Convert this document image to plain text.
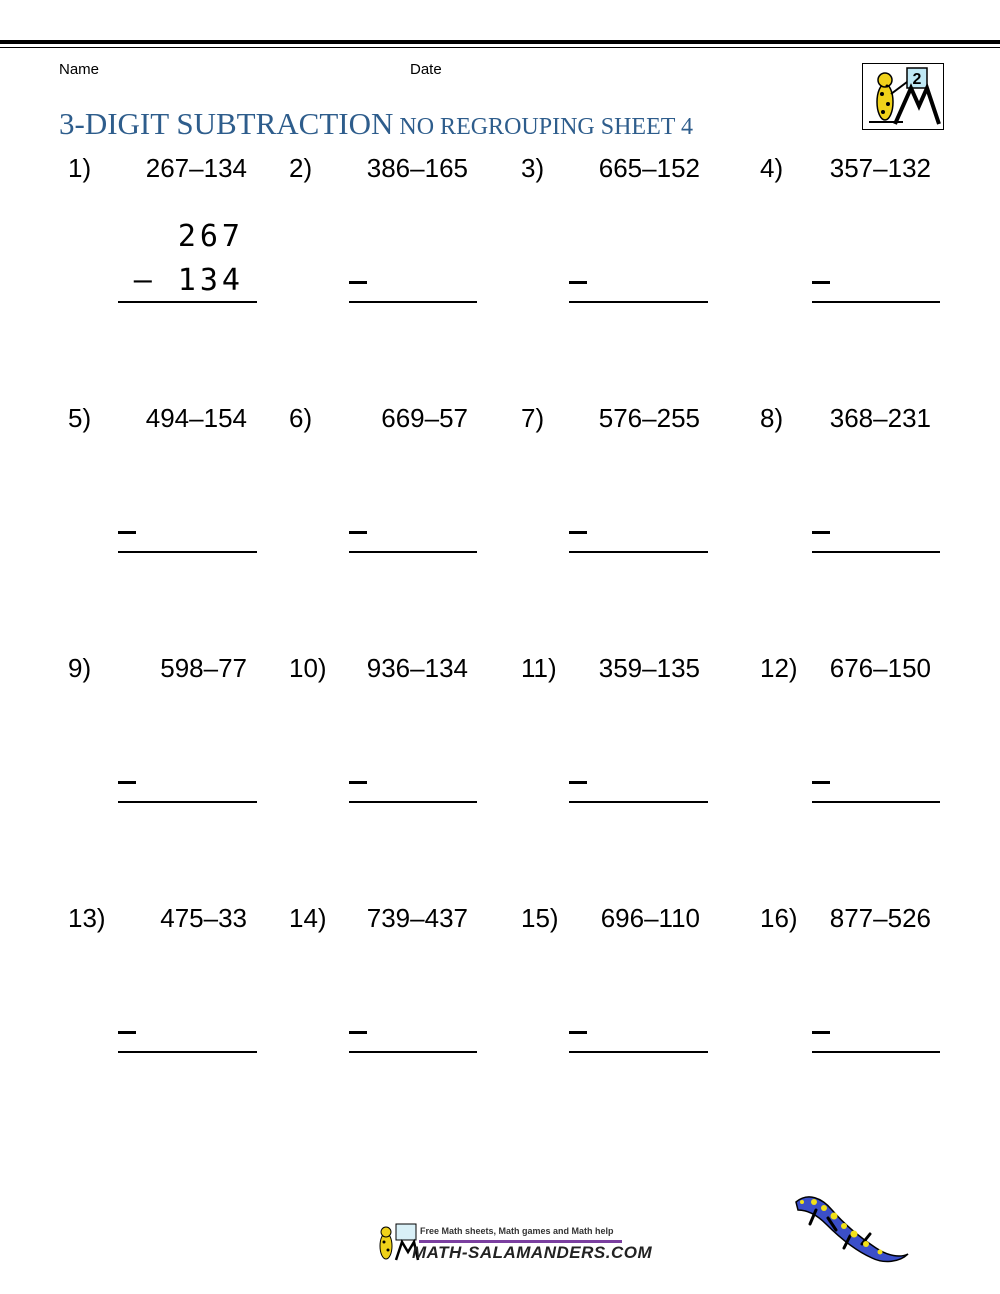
Name	Date
3-DIGIT SUBTRACTION NO REGROUPING SHEET 4
2
1)	267–134 2)	386–165 3)	665–152 4)	357–132
5)	494–154 6)	669–57 7)	576–255 8)	368–231
9)	598–77 10)	936–134 11)	359–135 12)	676–150
13)	475–33 14)	739–437 15)	696–110 16)	877–526
267
– 134
Free Math sheets, Math games and Math help
MATH-SALAMANDERS.COM
